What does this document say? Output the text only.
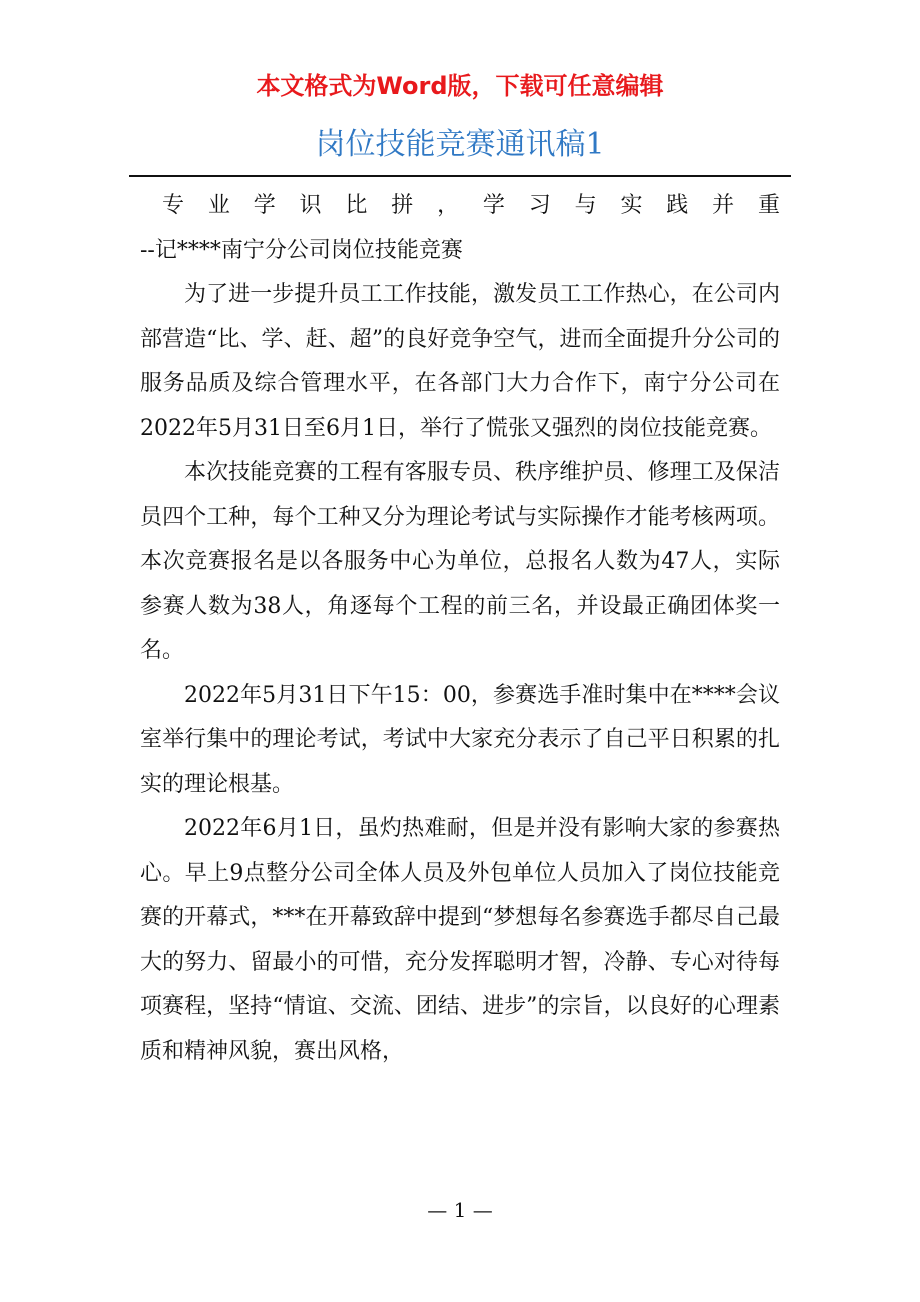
本文格式为Word版，下载可任意编辑
岗位技能竞赛通讯稿1

专业学识比拼，学习与实践并重
--记****南宁分公司岗位技能竞赛

为了进一步提升员工工作技能，激发员工工作热心，在公司内部营造“比、学、赶、超”的良好竞争空气，进而全面提升分公司的服务品质及综合管理水平，在各部门大力合作下，南宁分公司在2022年5月31日至6月1日，举行了慌张又强烈的岗位技能竞赛。

本次技能竞赛的工程有客服专员、秩序维护员、修理工及保洁员四个工种，每个工种又分为理论考试与实际操作才能考核两项。本次竞赛报名是以各服务中心为单位，总报名人数为47人，实际参赛人数为38人，角逐每个工程的前三名，并设最正确团体奖一名。

2022年5月31日下午15：00，参赛选手准时集中在****会议室举行集中的理论考试，考试中大家充分表示了自己平日积累的扎实的理论根基。

2022年6月1日，虽灼热难耐，但是并没有影响大家的参赛热心。早上9点整分公司全体人员及外包单位人员加入了岗位技能竞赛的开幕式，***在开幕致辞中提到“梦想每名参赛选手都尽自己最大的努力、留最小的可惜，充分发挥聪明才智，冷静、专心对待每项赛程，坚持“情谊、交流、团结、进步”的宗旨，以良好的心理素质和精神风貌，赛出风格，

— 1 —
